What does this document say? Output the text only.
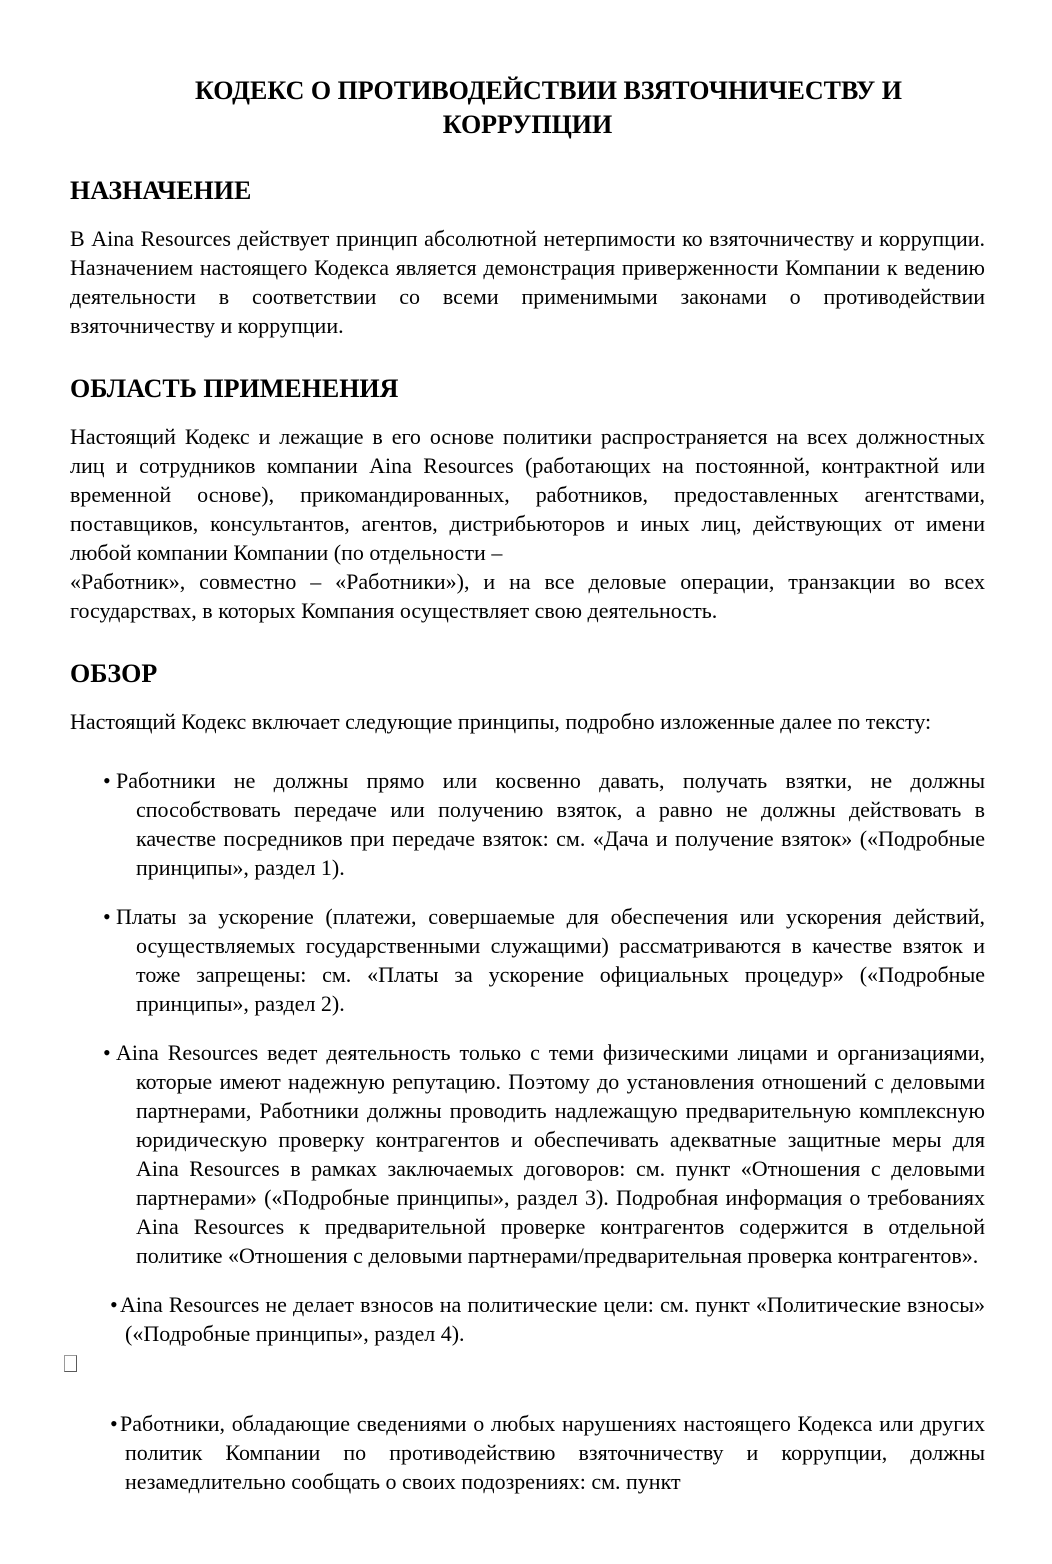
КОДЕКС О ПРОТИВОДЕЙСТВИИ ВЗЯТОЧНИЧЕСТВУ И КОРРУПЦИИ
НАЗНАЧЕНИЕ

В Aina Resources действует принцип абсолютной нетерпимости ко взяточничеству и коррупции. Назначением настоящего Кодекса является демонстрация приверженности Компании к ведению деятельности в соответствии со всеми применимыми законами о противодействии взяточничеству и коррупции.

ОБЛАСТЬ ПРИМЕНЕНИЯ

Настоящий Кодекс и лежащие в его основе политики распространяется на всех должностных лиц и сотрудников компании Aina Resources (работающих на постоянной, контрактной или временной основе), прикомандированных, работников, предоставленных агентствами, поставщиков, консультантов, агентов, дистрибьюторов и иных лиц, действующих от имени любой компании Компании (по отдельности –

«Работник», совместно – «Работники»), и на все деловые операции, транзакции во всех государствах, в которых Компания осуществляет свою деятельность.

ОБЗОР

Настоящий Кодекс включает следующие принципы, подробно изложенные далее по тексту:

• Работники не должны прямо или косвенно давать, получать взятки, не должны способствовать передаче или получению взяток, а равно не должны действовать в качестве посредников при передаче взяток: см. «Дача и получение взяток» («Подробные принципы», раздел 1).
• Платы за ускорение (платежи, совершаемые для обеспечения или ускорения действий, осуществляемых государственными служащими) рассматриваются в качестве взяток и тоже запрещены: см. «Платы за ускорение официальных процедур» («Подробные принципы», раздел 2).
• Aina Resources ведет деятельность только с теми физическими лицами и организациями, которые имеют надежную репутацию. Поэтому до установления отношений с деловыми партнерами, Работники должны проводить надлежащую предварительную комплексную юридическую проверку контрагентов и обеспечивать адекватные защитные меры для Aina Resources в рамках заключаемых договоров: см. пункт «Отношения с деловыми партнерами» («Подробные принципы», раздел 3). Подробная информация о требованиях Aina Resources к предварительной проверке контрагентов содержится в отдельной политике «Отношения с деловыми партнерами/предварительная проверка контрагентов».
• Aina Resources не делает взносов на политические цели: см. пункт «Политические взносы» («Подробные принципы», раздел 4).
• Работники, обладающие сведениями о любых нарушениях настоящего Кодекса или других политик Компании по противодействию взяточничеству и коррупции, должны незамедлительно сообщать о своих подозрениях: см. пункт
